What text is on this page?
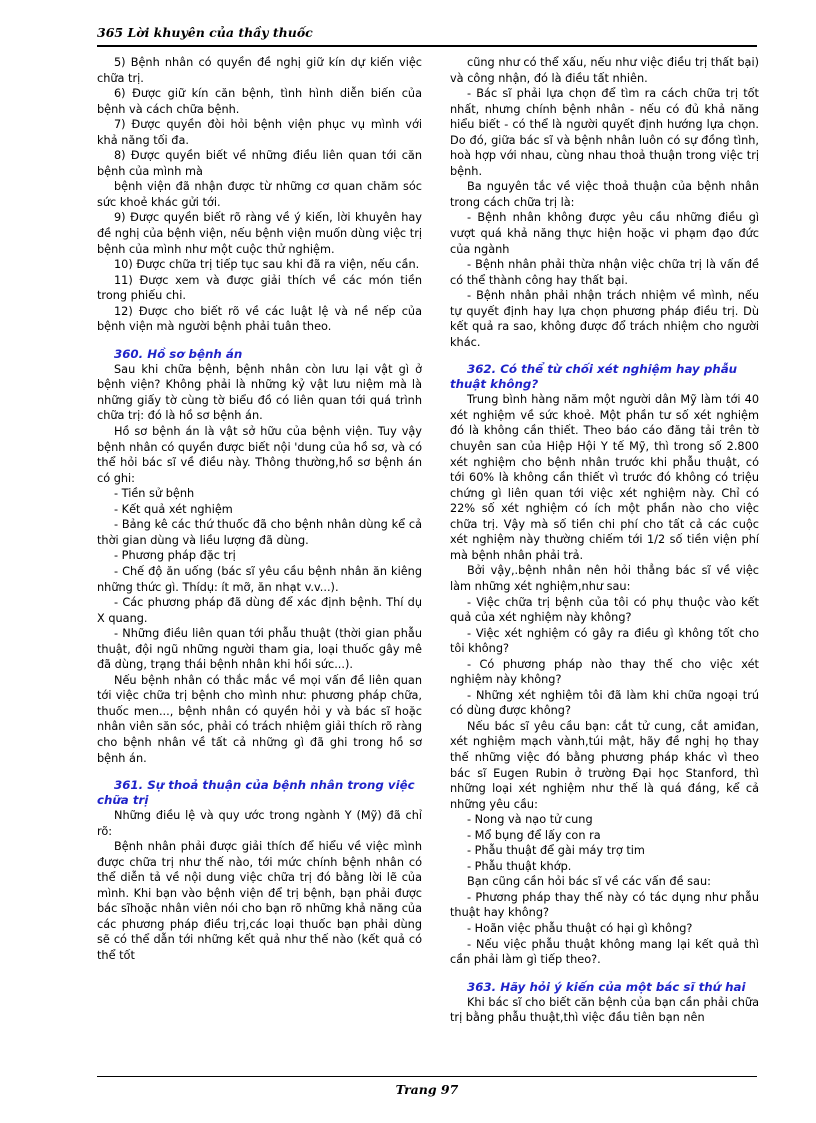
365 Lời khuyên của thầy thuốc

5) Bệnh nhân có quyền đề nghị giữ kín dự kiến việc chữa trị.

6) Được giữ kín căn bệnh, tình hình diễn biến của bệnh và cách chữa bệnh.

7) Được quyền đòi hỏi bệnh viện phục vụ mình với khả năng tối đa.

8) Được quyền biết về những điều liên quan tới căn bệnh của mình mà

bệnh viện đã nhận được từ những cơ quan chăm sóc sức khoẻ khác gửi tới.

9) Được quyền biết rõ ràng về ý kiến, lời khuyên hay đề nghị của bệnh viện, nếu bệnh viện muốn dùng việc trị bệnh của mình như một cuộc thử nghiệm.

10) Được chữa trị tiếp tục sau khi đã ra viện, nếu cần.

11) Được xem và được giải thích về các món tiền trong phiếu chi.

12) Được cho biết rõ về các luật lệ và nề nếp của bệnh viện mà người bệnh phải tuân theo.

360. Hồ sơ bệnh án

Sau khi chữa bệnh, bệnh nhân còn lưu lại vật gì ở bệnh viện? Không phải là những kỷ vật lưu niệm mà là những giấy tờ cùng tờ biểu đồ có liên quan tới quá trình chữa trị: đó là hồ sơ bệnh án.

Hồ sơ bệnh án là vật sở hữu của bệnh viện. Tuy vậy bệnh nhân có quyền được biết nội 'dung của hồ sơ, và có thể hỏi bác sĩ về điều này. Thông thường,hồ sơ bệnh án có ghi:

- Tiền sử bệnh

- Kết quả xét nghiệm

- Bảng kê các thứ thuốc đã cho bệnh nhân dùng kể cả thời gian dùng và liều lượng đã dùng.

- Phương pháp đặc trị

- Chế độ ăn uống (bác sĩ yêu cầu bệnh nhân ăn kiêng những thức gì. Thídụ: ít mỡ, ăn nhạt v.v...).

- Các phương pháp đã dùng để xác định bệnh. Thí dụ X quang.

- Những điều liên quan tới phẫu thuật (thời gian phẫu thuật, đội ngũ những người tham gia, loại thuốc gây mê đã dùng, trạng thái bệnh nhân khi hồi sức...).

Nếu bệnh nhân có thắc mắc về mọi vấn đề liên quan tới việc chữa trị bệnh cho mình như: phương pháp chữa, thuốc men..., bệnh nhân có quyền hỏi y và bác sĩ hoặc nhân viên săn sóc, phải có trách nhiệm giải thích rõ ràng cho bệnh nhân về tất cả những gì đã ghi trong hồ sơ bệnh án.

361. Sự thoả thuận của bệnh nhân trong việc chữa trị

Những điều lệ và quy ước trong ngành Y (Mỹ) đã chỉ rõ:

Bệnh nhân phải được giải thích để hiểu về việc mình được chữa trị như thế nào, tới mức chính bệnh nhân có thể diễn tả về nội dung việc chữa trị đó bằng lời lẽ của mình. Khi bạn vào bệnh viện để trị bệnh, bạn phải được bác sĩhoặc nhân viên nói cho bạn rõ những khả năng của các phương pháp điều trị,các loại thuốc bạn phải dùng sẽ có thể dẫn tới những kết quả như thế nào (kết quả có thể tốt

cũng như có thể xấu, nếu như việc điều trị thất bại) và công nhận, đó là điều tất nhiên.

- Bác sĩ phải lựa chọn để tìm ra cách chữa trị tốt nhất, nhưng chính bệnh nhân - nếu có đủ khả năng hiểu biết - có thể là người quyết định hướng lựa chọn. Do đó, giữa bác sĩ và bệnh nhân luôn có sự đồng tình, hoà hợp với nhau, cùng nhau thoả thuận trong việc trị bệnh.

Ba nguyên tắc về việc thoả thuận của bệnh nhân trong cách chữa trị là:

- Bệnh nhân không được yêu cầu những điều gì vượt quá khả năng thực hiện hoặc vi phạm đạo đức của ngành

- Bệnh nhân phải thừa nhận việc chữa trị là vấn đề có thể thành công hay thất bại.

- Bệnh nhân phải nhận trách nhiệm về mình, nếu tự quyết định hay lựa chọn phương pháp điều trị. Dù kết quả ra sao, không được đổ trách nhiệm cho người khác.

362. Có thể từ chối xét nghiệm hay phẫu thuật không?

Trung bình hàng năm một người dân Mỹ làm tới 40 xét nghiệm về sức khoẻ. Một phần tư số xét nghiệm đó là không cần thiết. Theo báo cáo đăng tải trên tờ chuyên san của Hiệp Hội Y tế Mỹ, thì trong số 2.800 xét nghiệm cho bệnh nhân trước khi phẫu thuật, có tới 60% là không cần thiết vì trước đó không có triệu chứng gì liên quan tới việc xét nghiệm này. Chỉ có 22% số xét nghiệm có ích một phần nào cho việc chữa trị. Vậy mà số tiền chi phí cho tất cả các cuộc xét nghiệm này thường chiếm tới 1/2 số tiền viện phí mà bệnh nhân phải trả.

Bởi vậy,.bệnh nhân nên hỏi thẳng bác sĩ về việc làm những xét nghiệm,như sau:

- Việc chữa trị bệnh của tôi có phụ thuộc vào kết quả của xét nghiệm này không?

- Việc xét nghiệm có gây ra điều gì không tốt cho tôi không?

- Có phương pháp nào thay thế cho việc xét nghiệm này không?

- Những xét nghiệm tôi đã làm khi chữa ngoại trú có dùng được không?

Nếu bác sĩ yêu cầu bạn: cắt tử cung, cắt amiđan, xét nghiệm mạch vành,túi mật, hãy đề nghị họ thay thế những việc đó bằng phương pháp khác vì theo bác sĩ Eugen Rubin ở trường Đại học Stanford, thì những loại xét nghiệm như thế là quá đáng, kể cả những yêu cầu:

- Nong và nạo tử cung

- Mổ bụng để lấy con ra

- Phẫu thuật để gài máy trợ tim

- Phẫu thuật khớp.

Bạn cũng cần hỏi bác sĩ về các vấn đề sau:

- Phương pháp thay thế này có tác dụng như phẫu thuật hay không?

- Hoãn việc phẫu thuật có hại gì không?

- Nếu việc phẫu thuật không mang lại kết quả thì cần phải làm gì tiếp theo?.

363. Hãy hỏi ý kiến của một bác sĩ thứ hai

Khi bác sĩ cho biết căn bệnh của bạn cần phải chữa trị bằng phẫu thuật,thì việc đầu tiên bạn nên

Trang 97
